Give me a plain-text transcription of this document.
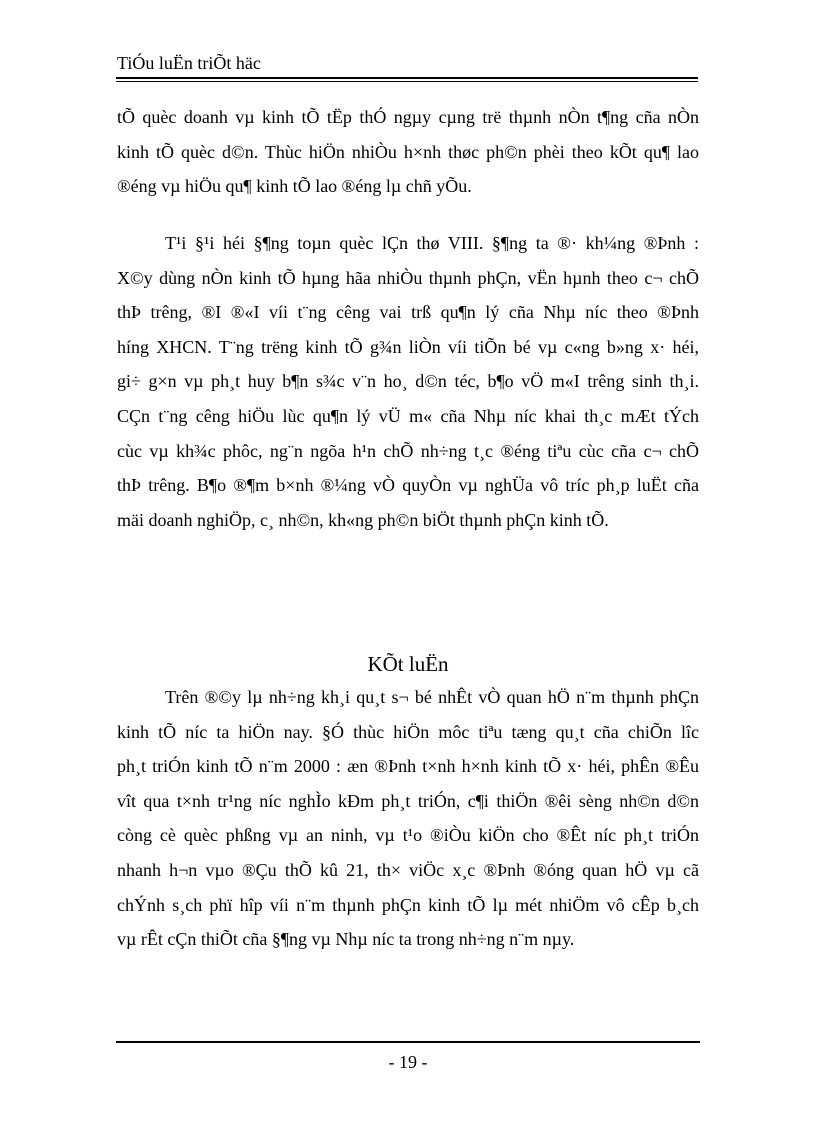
TiÓu luËn triÕt häc
tÕ quèc doanh vµ kinh tÕ tËp thÓ ngµy cµng trë thµnh nÒn t¶ng cña nÒn
kinh tÕ quèc d©n. Thùc hiÖn nhiÒu h×nh thøc ph©n phèi theo kÕt qu¶ lao
®éng vµ hiÖu qu¶ kinh tÕ lao ®éng lµ chñ yÕu.
T¹i §¹i héi §¶ng toµn quèc lÇn thø VIII. §¶ng ta ®· kh¼ng ®Þnh :
X©y dùng nÒn kinh tÕ hµng hãa nhiÒu thµnh phÇn, vËn hµnh theo c¬ chÕ
thÞ trêng, ®I ®«I víi t¨ng cêng vai trß qu¶n lý cña Nhµ níc theo ®Þnh
híng XHCN. T¨ng trëng kinh tÕ g¾n liÒn víi tiÕn bé vµ c«ng b»ng x· héi,
gi÷ g×n vµ ph¸t huy b¶n s¾c v¨n ho¸ d©n téc, b¶o vÖ m«I trêng sinh th¸i.
CÇn t¨ng cêng hiÖu lùc qu¶n lý vÜ m« cña Nhµ níc khai th¸c mÆt tÝch
cùc vµ kh¾c phôc, ng¨n ngõa h¹n chÕ nh÷ng t¸c ®éng tiªu cùc cña c¬ chÕ
thÞ trêng. B¶o ®¶m b×nh ®¼ng vÒ quyÒn vµ nghÜa vô tríc ph¸p luËt cña
mäi doanh nghiÖp, c¸ nh©n, kh«ng ph©n biÖt thµnh phÇn kinh tÕ.
KÕt luËn
Trên ®©y lµ nh÷ng kh¸i qu¸t s¬ bé nhÊt vÒ quan hÖ n¨m thµnh phÇn
kinh tÕ níc ta hiÖn nay. §Ó thùc hiÖn môc tiªu tæng qu¸t cña chiÕn lîc
ph¸t triÓn kinh tÕ n¨m 2000 : æn ®Þnh t×nh h×nh kinh tÕ x· héi, phÊn ®Êu
vît qua t×nh tr¹ng níc nghÌo kÐm ph¸t triÓn, c¶i thiÖn ®êi sèng nh©n d©n
còng cè quèc phßng vµ an ninh, vµ t¹o ®iÒu kiÖn cho ®Êt níc ph¸t triÓn
nhanh h¬n vµo ®Çu thÕ kû 21, th× viÖc x¸c ®Þnh ®óng quan hÖ vµ cã
chÝnh s¸ch phï hîp víi n¨m thµnh phÇn kinh tÕ lµ mét nhiÖm vô cÊp b¸ch
vµ rÊt cÇn thiÕt cña §¶ng vµ Nhµ níc ta trong nh÷ng n¨m nµy.
- 19 -
